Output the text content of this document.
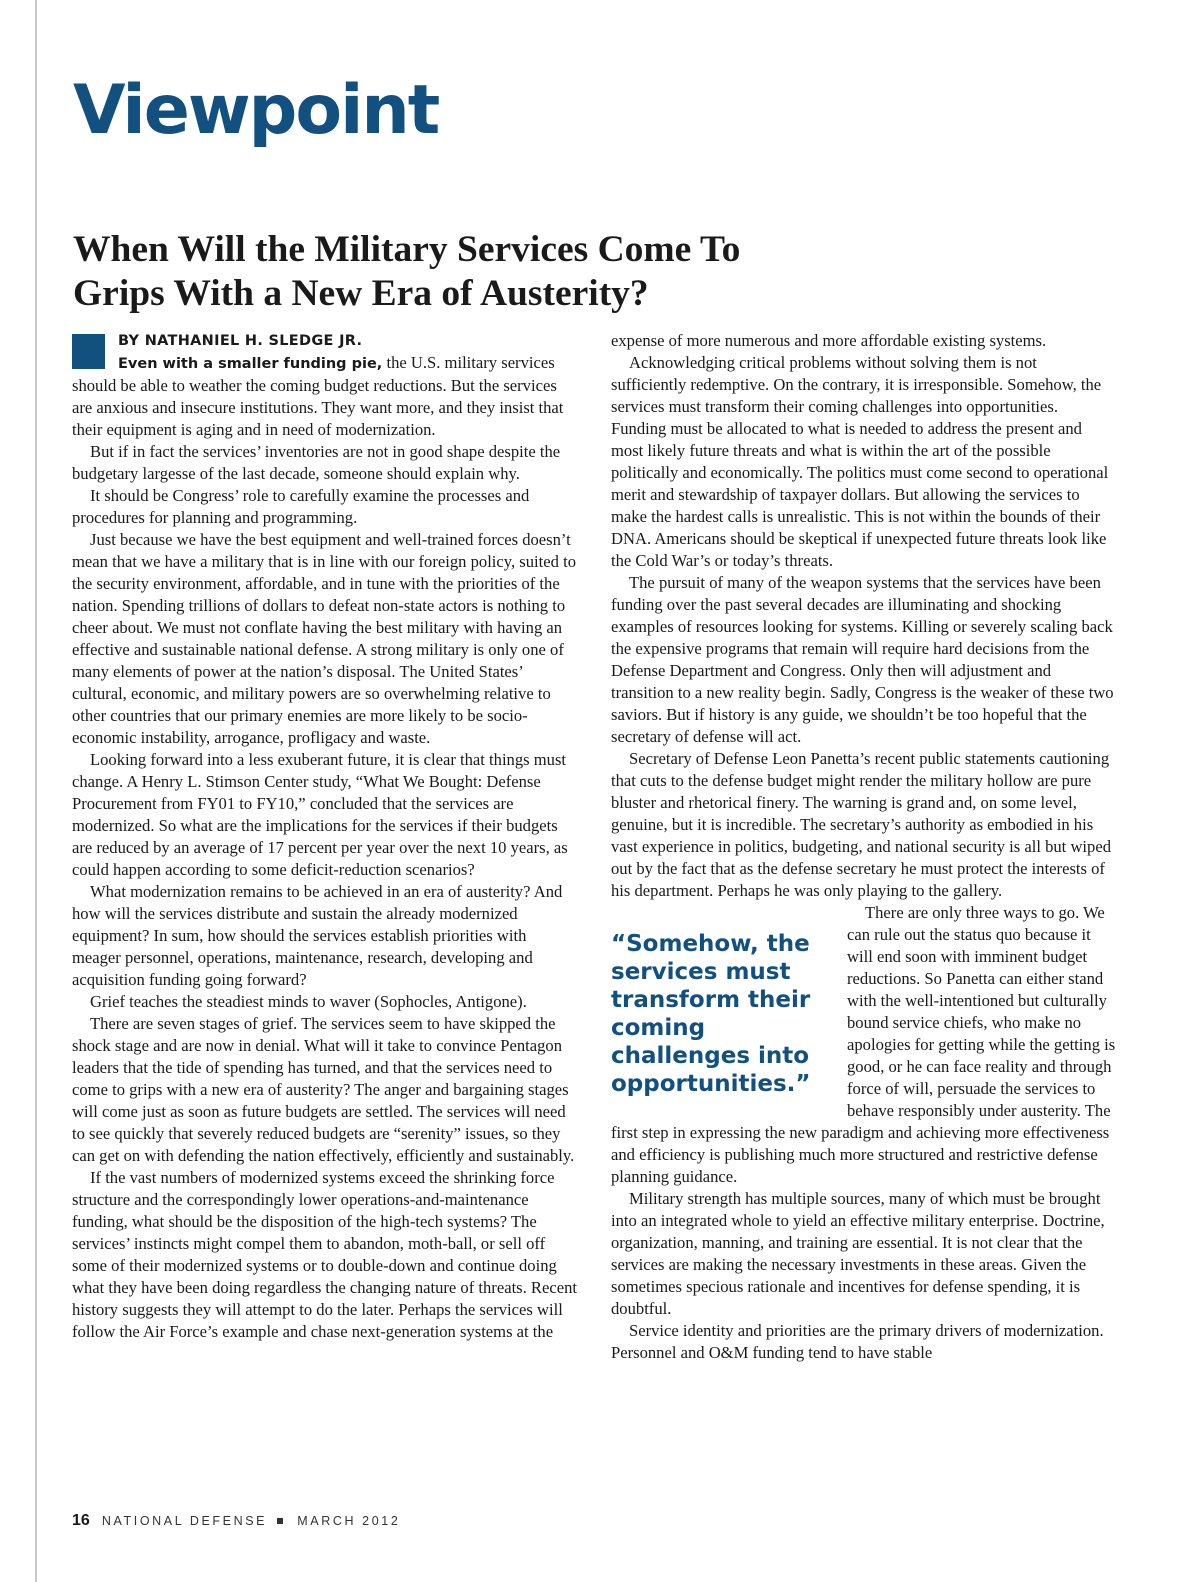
Viewpoint
When Will the Military Services Come To Grips With a New Era of Austerity?
BY NATHANIEL H. SLEDGE JR.

Even with a smaller funding pie, the U.S. military services should be able to weather the coming budget reductions. But the services are anxious and insecure institutions. They want more, and they insist that their equipment is aging and in need of modernization.

But if in fact the services’ inventories are not in good shape despite the budgetary largesse of the last decade, someone should explain why.

It should be Congress’ role to carefully examine the processes and procedures for planning and programming.

Just because we have the best equipment and well-trained forces doesn’t mean that we have a military that is in line with our foreign policy, suited to the security environment, affordable, and in tune with the priorities of the nation. Spending trillions of dollars to defeat non-state actors is nothing to cheer about. We must not conflate having the best military with having an effective and sustainable national defense. A strong military is only one of many elements of power at the nation’s disposal. The United States’ cultural, economic, and military powers are so overwhelming relative to other countries that our primary enemies are more likely to be socio-economic instability, arrogance, profligacy and waste.

Looking forward into a less exuberant future, it is clear that things must change. A Henry L. Stimson Center study, “What We Bought: Defense Procurement from FY01 to FY10,” concluded that the services are modernized. So what are the implications for the services if their budgets are reduced by an average of 17 percent per year over the next 10 years, as could happen according to some deficit-reduction scenarios?

What modernization remains to be achieved in an era of austerity? And how will the services distribute and sustain the already modernized equipment? In sum, how should the services establish priorities with meager personnel, operations, maintenance, research, developing and acquisition funding going forward?

Grief teaches the steadiest minds to waver (Sophocles, Antigone).

There are seven stages of grief. The services seem to have skipped the shock stage and are now in denial. What will it take to convince Pentagon leaders that the tide of spending has turned, and that the services need to come to grips with a new era of austerity? The anger and bargaining stages will come just as soon as future budgets are settled. The services will need to see quickly that severely reduced budgets are “serenity” issues, so they can get on with defending the nation effectively, efficiently and sustainably.

If the vast numbers of modernized systems exceed the shrinking force structure and the correspondingly lower operations-and-maintenance funding, what should be the disposition of the high-tech systems? The services’ instincts might compel them to abandon, moth-ball, or sell off some of their modernized systems or to double-down and continue doing what they have been doing regardless the changing nature of threats. Recent history suggests they will attempt to do the later. Perhaps the services will follow the Air Force’s example and chase next-generation systems at the

expense of more numerous and more affordable existing systems.

Acknowledging critical problems without solving them is not sufficiently redemptive. On the contrary, it is irresponsible. Somehow, the services must transform their coming challenges into opportunities. Funding must be allocated to what is needed to address the present and most likely future threats and what is within the art of the possible politically and economically. The politics must come second to operational merit and stewardship of taxpayer dollars. But allowing the services to make the hardest calls is unrealistic. This is not within the bounds of their DNA. Americans should be skeptical if unexpected future threats look like the Cold War’s or today’s threats.

The pursuit of many of the weapon systems that the services have been funding over the past several decades are illuminating and shocking examples of resources looking for systems. Killing or severely scaling back the expensive programs that remain will require hard decisions from the Defense Department and Congress. Only then will adjustment and transition to a new reality begin. Sadly, Congress is the weaker of these two saviors. But if history is any guide, we shouldn’t be too hopeful that the secretary of defense will act.

Secretary of Defense Leon Panetta’s recent public statements cautioning that cuts to the defense budget might render the military hollow are pure bluster and rhetorical finery. The warning is grand and, on some level, genuine, but it is incredible. The secretary’s authority as embodied in his vast experience in politics, budgeting, and national security is all but wiped out by the fact that as the defense secretary he must protect the interests of his department. Perhaps he was only playing to the gallery.

“Somehow, the services must transform their coming challenges into opportunities.”

There are only three ways to go. We can rule out the status quo because it will end soon with imminent budget reductions. So Panetta can either stand with the well-intentioned but culturally bound service chiefs, who make no apologies for getting while the getting is good, or he can face reality and through force of will, persuade the services to behave responsibly under austerity. The first step in expressing the new paradigm and achieving more effectiveness and efficiency is publishing much more structured and restrictive defense planning guidance.

Military strength has multiple sources, many of which must be brought into an integrated whole to yield an effective military enterprise. Doctrine, organization, manning, and training are essential. It is not clear that the services are making the necessary investments in these areas. Given the sometimes specious rationale and incentives for defense spending, it is doubtful.

Service identity and priorities are the primary drivers of modernization. Personnel and O&M funding tend to have stable

16 NATIONAL DEFENSE MARCH 2012
